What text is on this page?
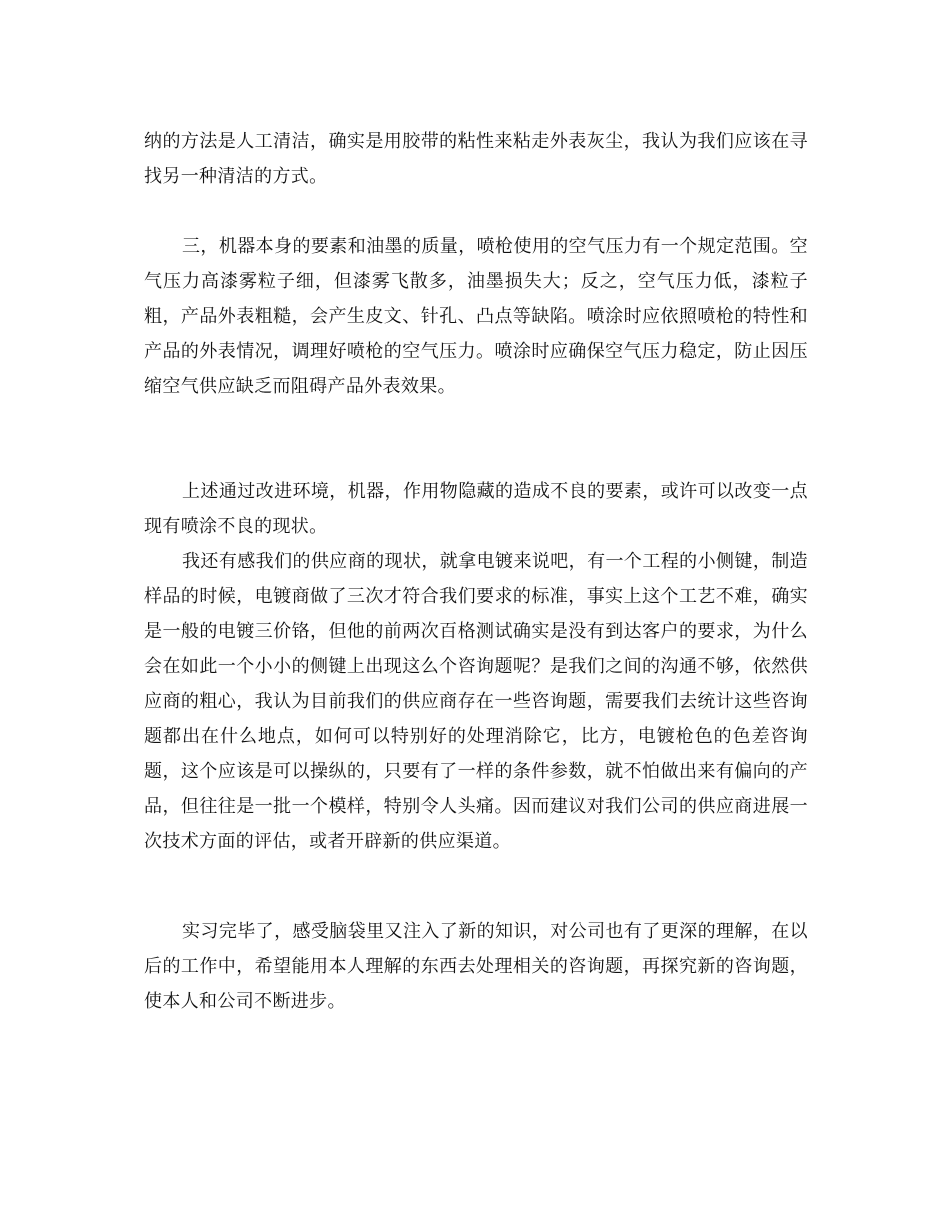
纳的方法是人工清洁，确实是用胶带的粘性来粘走外表灰尘，我认为我们应该在寻找另一种清洁的方式。

三，机器本身的要素和油墨的质量，喷枪使用的空气压力有一个规定范围。空气压力高漆雾粒子细，但漆雾飞散多，油墨损失大；反之，空气压力低，漆粒子粗，产品外表粗糙，会产生皮文、针孔、凸点等缺陷。喷涂时应依照喷枪的特性和产品的外表情况，调理好喷枪的空气压力。喷涂时应确保空气压力稳定，防止因压缩空气供应缺乏而阻碍产品外表效果。

上述通过改进环境，机器，作用物隐藏的造成不良的要素，或许可以改变一点现有喷涂不良的现状。

我还有感我们的供应商的现状，就拿电镀来说吧，有一个工程的小侧键，制造样品的时候，电镀商做了三次才符合我们要求的标准，事实上这个工艺不难，确实是一般的电镀三价铬，但他的前两次百格测试确实是没有到达客户的要求，为什么会在如此一个小小的侧键上出现这么个咨询题呢？是我们之间的沟通不够，依然供应商的粗心，我认为目前我们的供应商存在一些咨询题，需要我们去统计这些咨询题都出在什么地点，如何可以特别好的处理消除它，比方，电镀枪色的色差咨询题，这个应该是可以操纵的，只要有了一样的条件参数，就不怕做出来有偏向的产品，但往往是一批一个模样，特别令人头痛。因而建议对我们公司的供应商进展一次技术方面的评估，或者开辟新的供应渠道。

实习完毕了，感受脑袋里又注入了新的知识，对公司也有了更深的理解，在以后的工作中，希望能用本人理解的东西去处理相关的咨询题，再探究新的咨询题，使本人和公司不断进步。
